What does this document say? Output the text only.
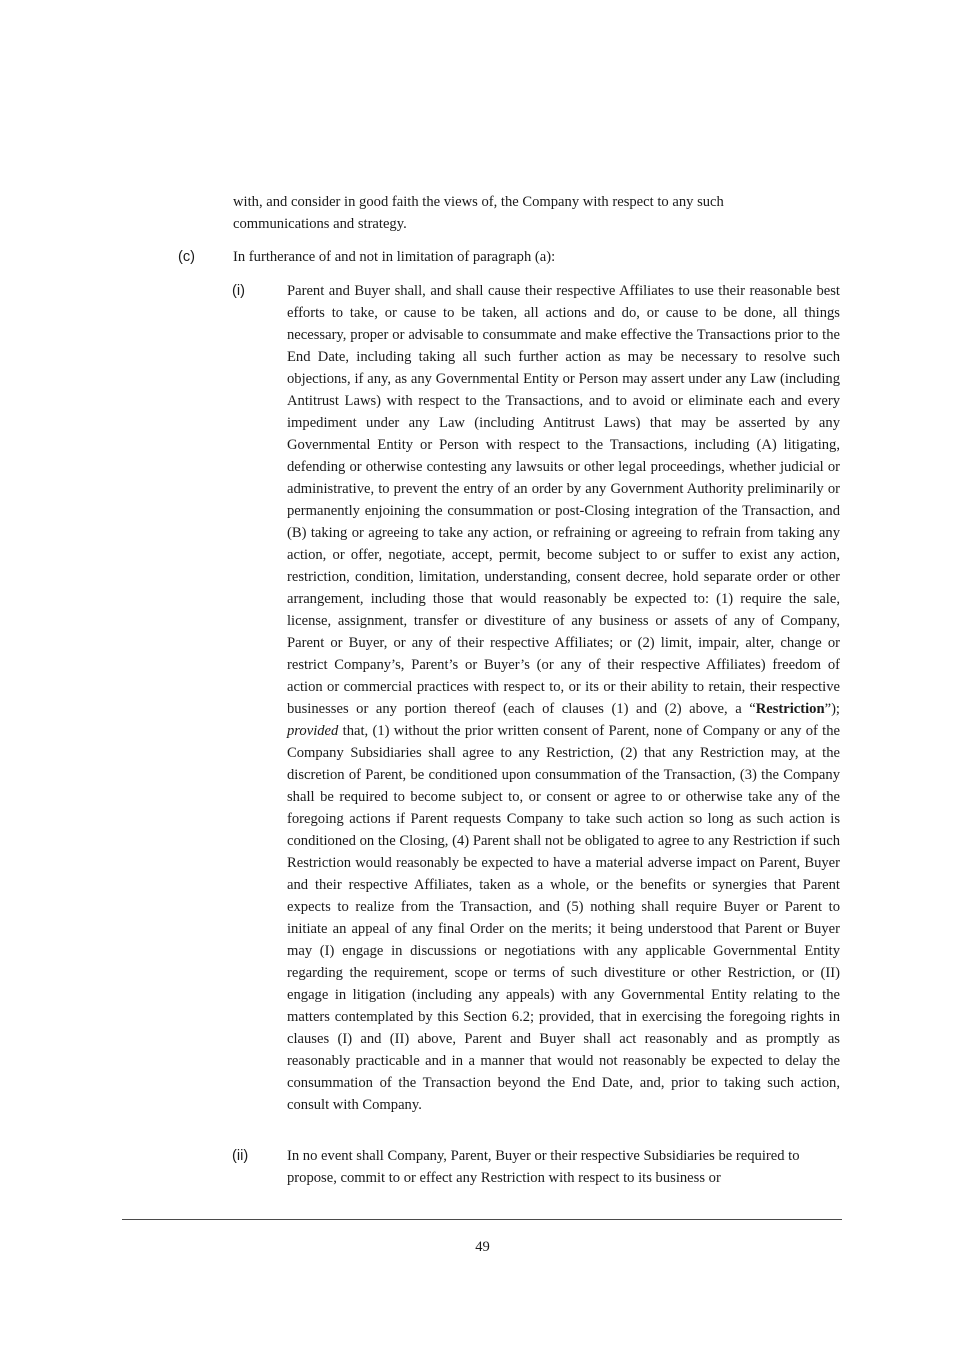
with, and consider in good faith the views of, the Company with respect to any such communications and strategy.
(c)	In furtherance of and not in limitation of paragraph (a):
(i)	Parent and Buyer shall, and shall cause their respective Affiliates to use their reasonable best efforts to take, or cause to be taken, all actions and do, or cause to be done, all things necessary, proper or advisable to consummate and make effective the Transactions prior to the End Date, including taking all such further action as may be necessary to resolve such objections, if any, as any Governmental Entity or Person may assert under any Law (including Antitrust Laws) with respect to the Transactions, and to avoid or eliminate each and every impediment under any Law (including Antitrust Laws) that may be asserted by any Governmental Entity or Person with respect to the Transactions, including (A) litigating, defending or otherwise contesting any lawsuits or other legal proceedings, whether judicial or administrative, to prevent the entry of an order by any Government Authority preliminarily or permanently enjoining the consummation or post-Closing integration of the Transaction, and (B) taking or agreeing to take any action, or refraining or agreeing to refrain from taking any action, or offer, negotiate, accept, permit, become subject to or suffer to exist any action, restriction, condition, limitation, understanding, consent decree, hold separate order or other arrangement, including those that would reasonably be expected to: (1) require the sale, license, assignment, transfer or divestiture of any business or assets of any of Company, Parent or Buyer, or any of their respective Affiliates; or (2) limit, impair, alter, change or restrict Company’s, Parent’s or Buyer’s (or any of their respective Affiliates) freedom of action or commercial practices with respect to, or its or their ability to retain, their respective businesses or any portion thereof (each of clauses (1) and (2) above, a “Restriction”); provided that, (1) without the prior written consent of Parent, none of Company or any of the Company Subsidiaries shall agree to any Restriction, (2) that any Restriction may, at the discretion of Parent, be conditioned upon consummation of the Transaction, (3) the Company shall be required to become subject to, or consent or agree to or otherwise take any of the foregoing actions if Parent requests Company to take such action so long as such action is conditioned on the Closing, (4) Parent shall not be obligated to agree to any Restriction if such Restriction would reasonably be expected to have a material adverse impact on Parent, Buyer and their respective Affiliates, taken as a whole, or the benefits or synergies that Parent expects to realize from the Transaction, and (5) nothing shall require Buyer or Parent to initiate an appeal of any final Order on the merits; it being understood that Parent or Buyer may (I) engage in discussions or negotiations with any applicable Governmental Entity regarding the requirement, scope or terms of such divestiture or other Restriction, or (II) engage in litigation (including any appeals) with any Governmental Entity relating to the matters contemplated by this Section 6.2; provided, that in exercising the foregoing rights in clauses (I) and (II) above, Parent and Buyer shall act reasonably and as promptly as reasonably practicable and in a manner that would not reasonably be expected to delay the consummation of the Transaction beyond the End Date, and, prior to taking such action, consult with Company.
(ii)	In no event shall Company, Parent, Buyer or their respective Subsidiaries be required to propose, commit to or effect any Restriction with respect to its business or
49
